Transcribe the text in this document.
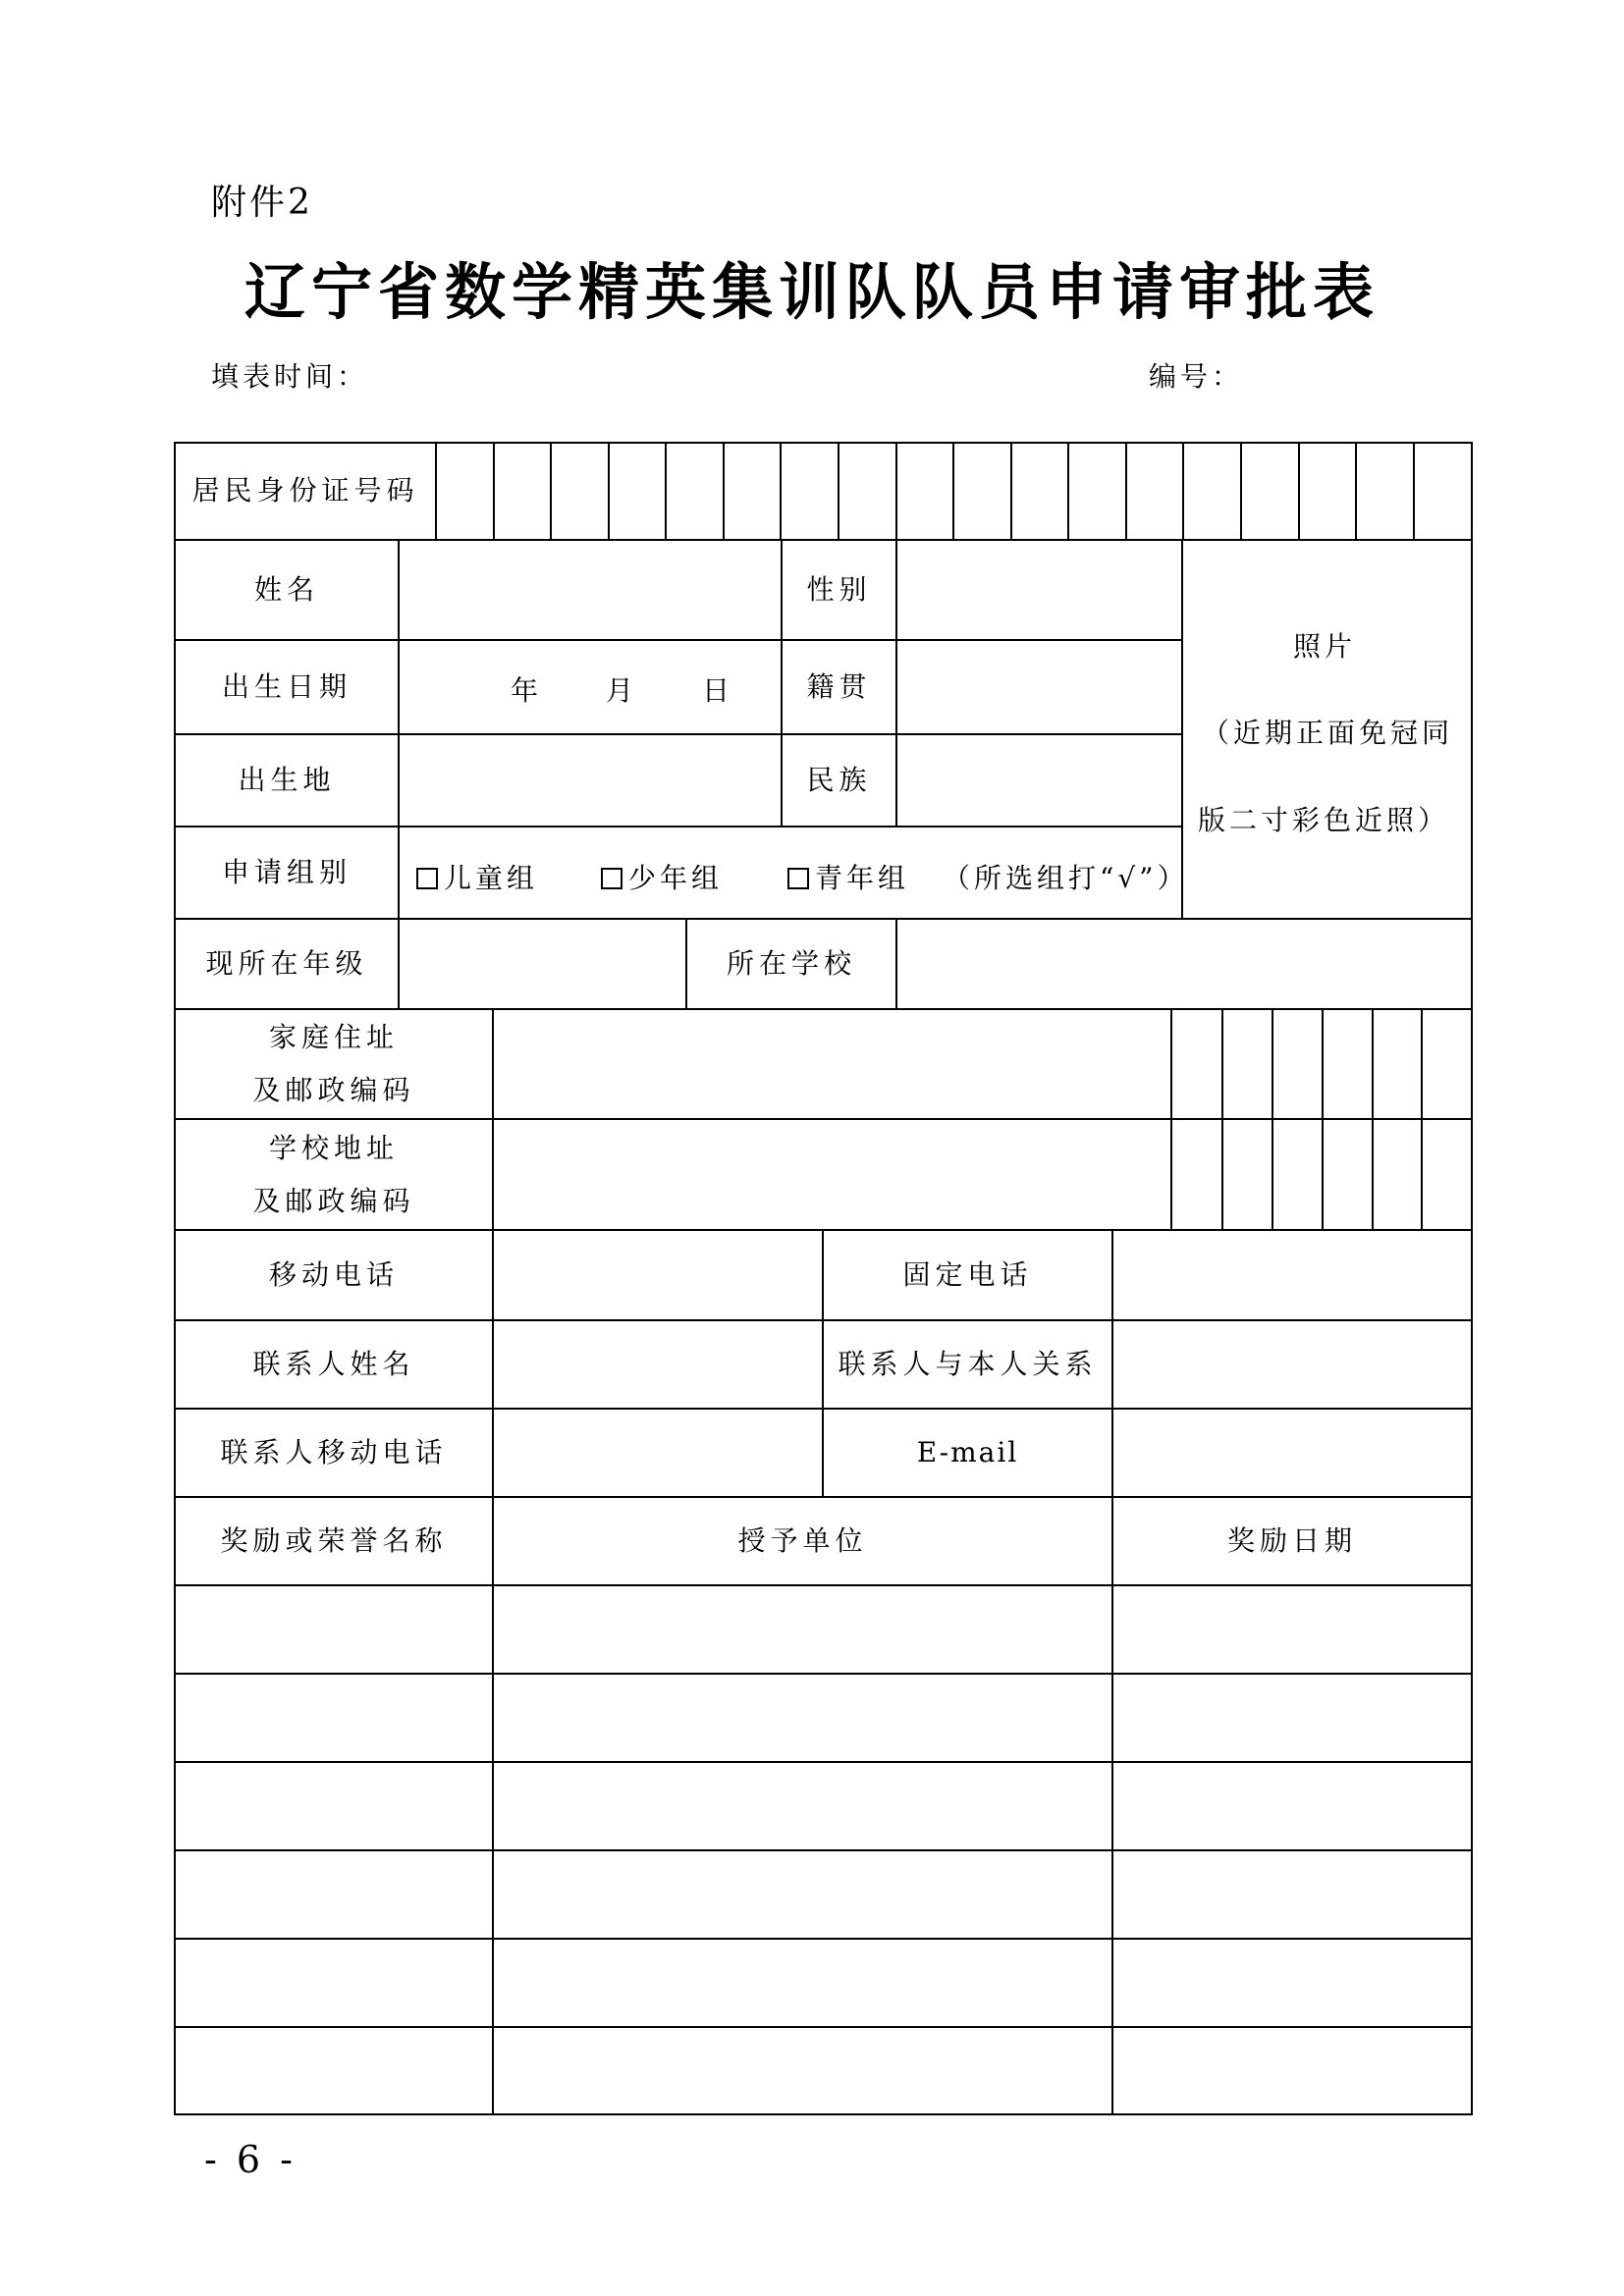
附件2
辽宁省数学精英集训队队员申请审批表
填表时间：	编号：
居民身份证号码
姓名	性别
出生日期	年 月 日	籍贯
出生地	民族
照片
（近期正面免冠同
版二寸彩色近照）
申请组别	儿童组	少年组	青年组 （所选组打“√”）
现所在年级	所在学校
家庭住址
及邮政编码
学校地址
及邮政编码
移动电话	固定电话
联系人姓名	联系人与本人关系
联系人移动电话	E-mail
奖励或荣誉名称	授予单位	奖励日期
- 6 -
